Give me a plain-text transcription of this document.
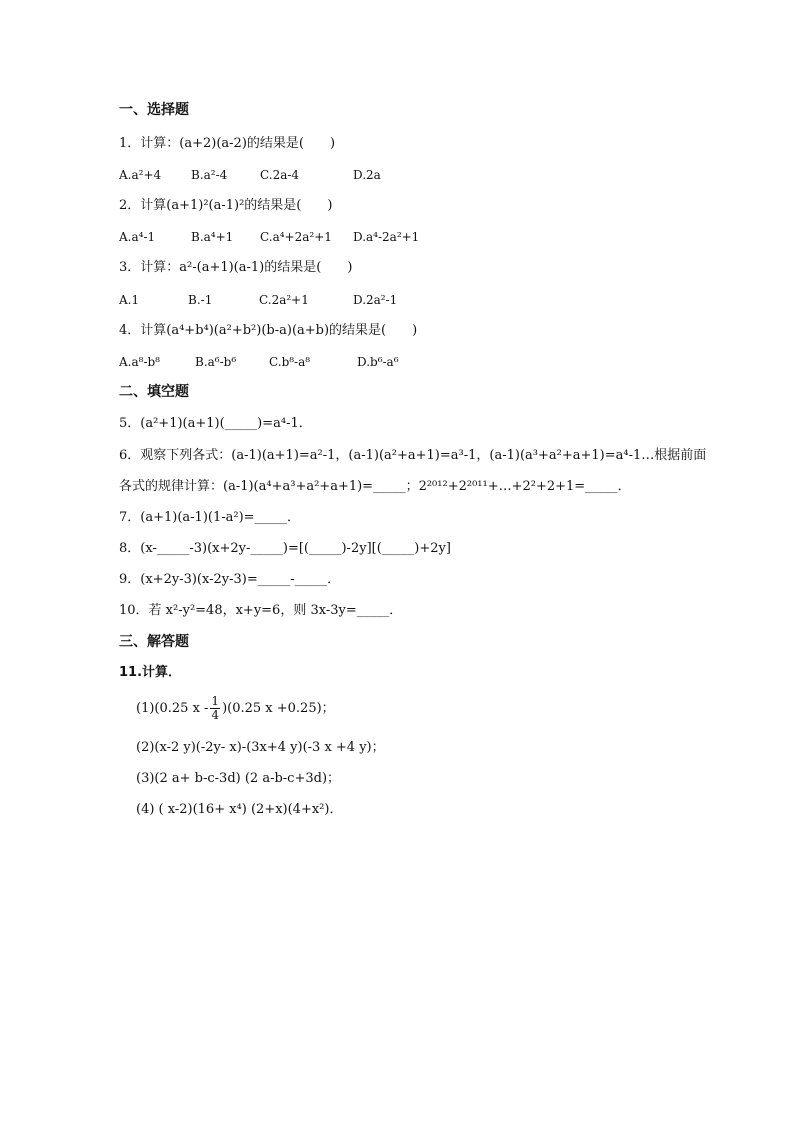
一、选择题
1．计算：(a+2)(a-2)的结果是(　　)
A.a²+4 B.a²-4	C.2a-4	D.2a
2．计算(a+1)²(a-1)²的结果是(　　)
A.a⁴-1	B.a⁴+1 C.a⁴+2a²+1 D.a⁴-2a²+1
3．计算：a²-(a+1)(a-1)的结果是(　　)
A.1	B.-1	C.2a²+1	D.2a²-1
4．计算(a⁴+b⁴)(a²+b²)(b-a)(a+b)的结果是(　　)
A.a⁸-b⁸	B.a⁶-b⁶	C.b⁸-a⁸	D.b⁶-a⁶
二、填空题
5．(a²+1)(a+1)(_____)=a⁴-1．
6．观察下列各式：(a-1)(a+1)=a²-1，(a-1)(a²+a+1)=a³-1，(a-1)(a³+a²+a+1)=a⁴-1…根据前面
各式的规律计算：(a-1)(a⁴+a³+a²+a+1)=_____；2²⁰¹²+2²⁰¹¹+…+2²+2+1=_____．
7．(a+1)(a-1)(1-a²)=_____．
8．(x-_____-3)(x+2y-_____)=[(_____)-2y][(_____)+2y]
9．(x+2y-3)(x-2y-3)=_____-_____．
10．若 x²-y²=48，x+y=6，则 3x-3y=_____．
三、解答题
11.计算．
(1)(0.25 x - $\frac{1}{4} )(0.25$ x +0.25)；
(2)(x-2 y)(-2y- x)-(3x+4 y)(-3 x +4 y)；
(3)(2 a+ b-c-3d) (2 a-b-c+3d)；
(4) ( x-2)(16+ x⁴) (2+x)(4+x²)．
